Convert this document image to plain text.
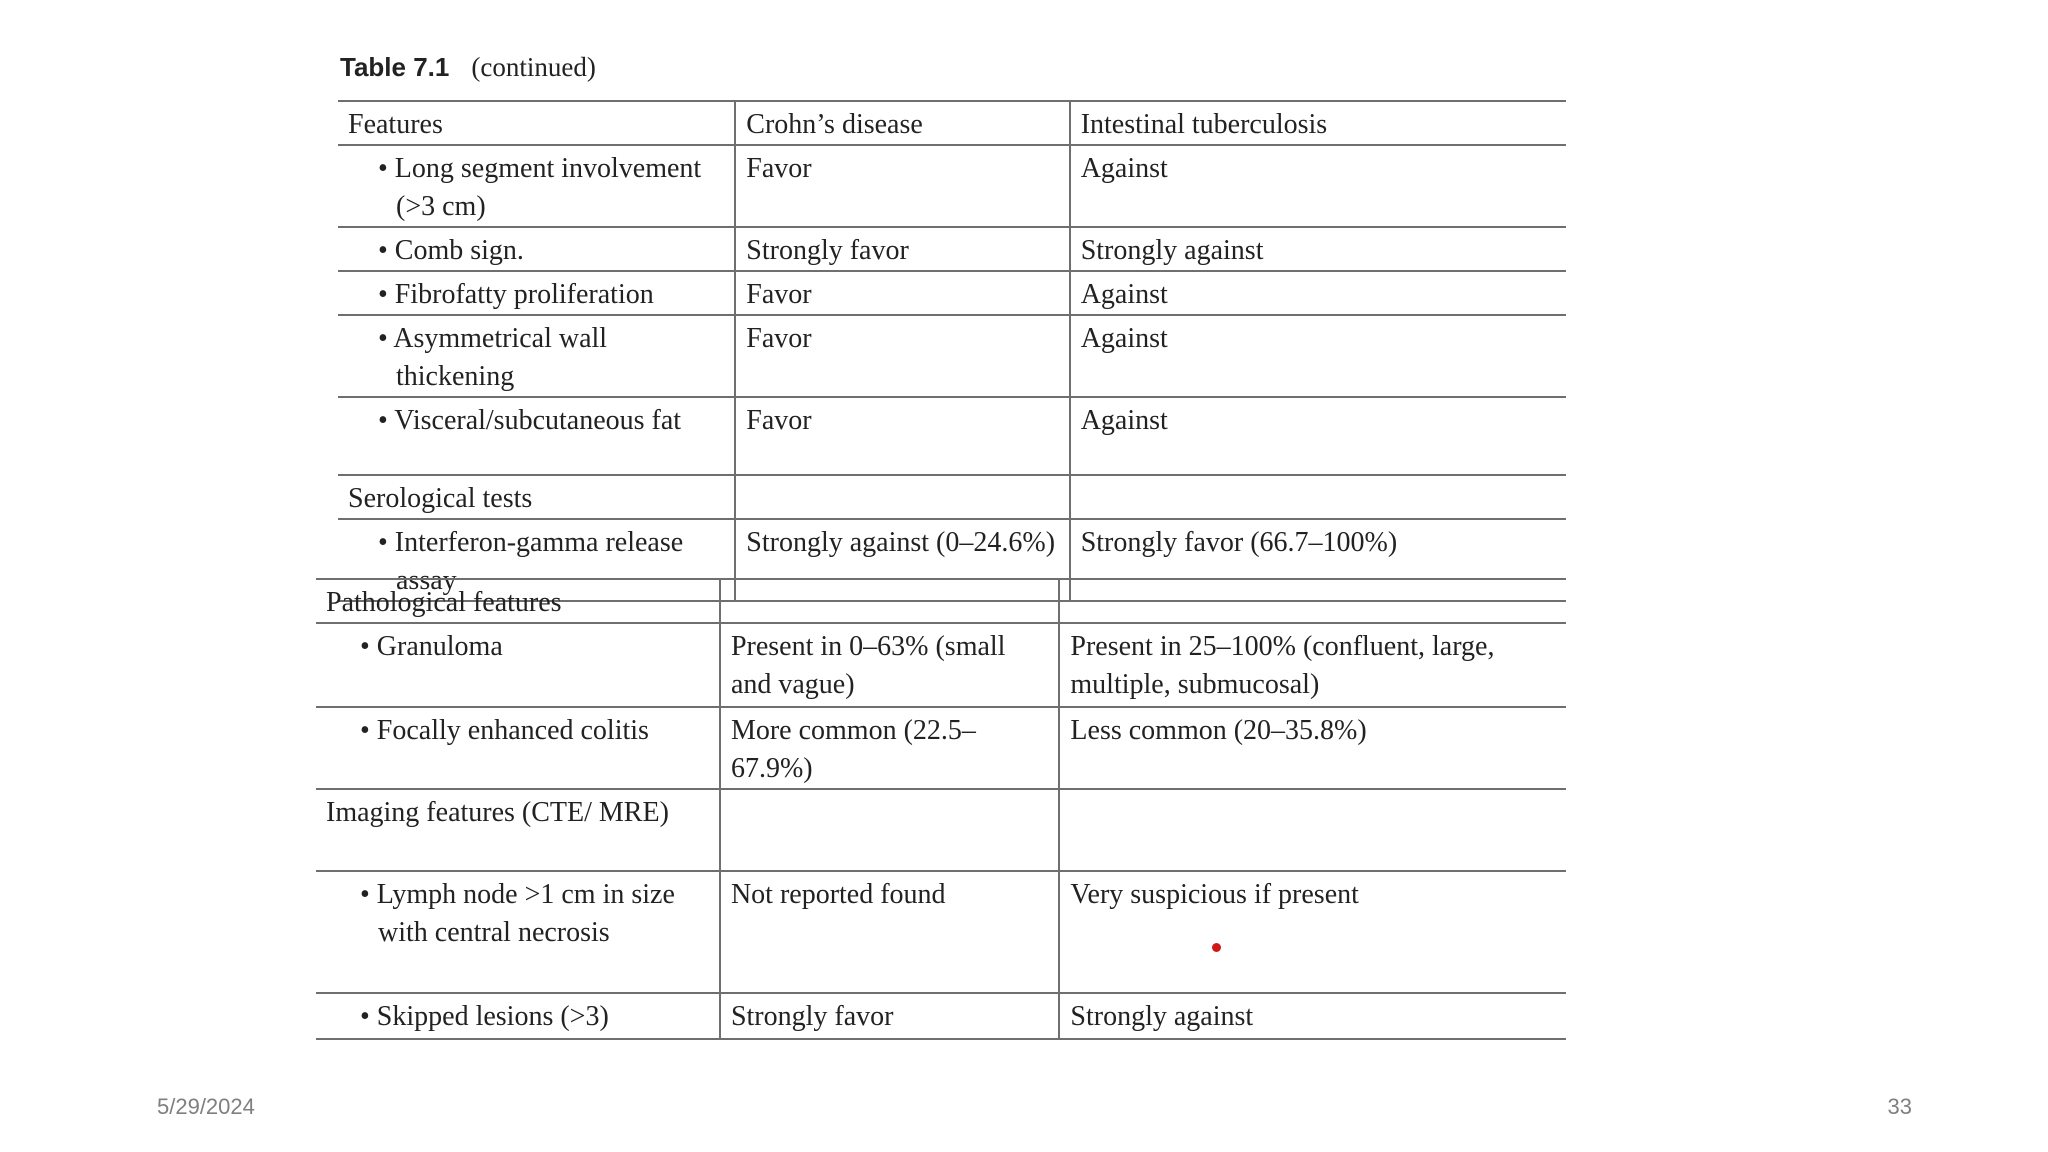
Table 7.1 (continued)
Features	Crohn’s disease	Intestinal tuberculosis

• Long segment involvement (>3 cm)	Favor	Against

• Comb sign.	Strongly favor	Strongly against

• Fibrofatty proliferation	Favor	Against

• Asymmetrical wall thickening	Favor	Against

• Visceral/subcutaneous fat	Favor	Against
Serological tests		

• Interferon-gamma release assay	Strongly against (0–24.6%)	Strongly favor (66.7–100%)
Pathological features		

• Granuloma	Present in 0–63% (small and vague)	Present in 25–100% (confluent, large, multiple, submucosal)

• Focally enhanced colitis	More common (22.5–67.9%)	Less common (20–35.8%)
Imaging features (CTE/ MRE)		

• Lymph node >1 cm in size with central necrosis	Not reported found	Very suspicious if present

• Skipped lesions (>3)	Strongly favor	Strongly against
5/29/2024	33
